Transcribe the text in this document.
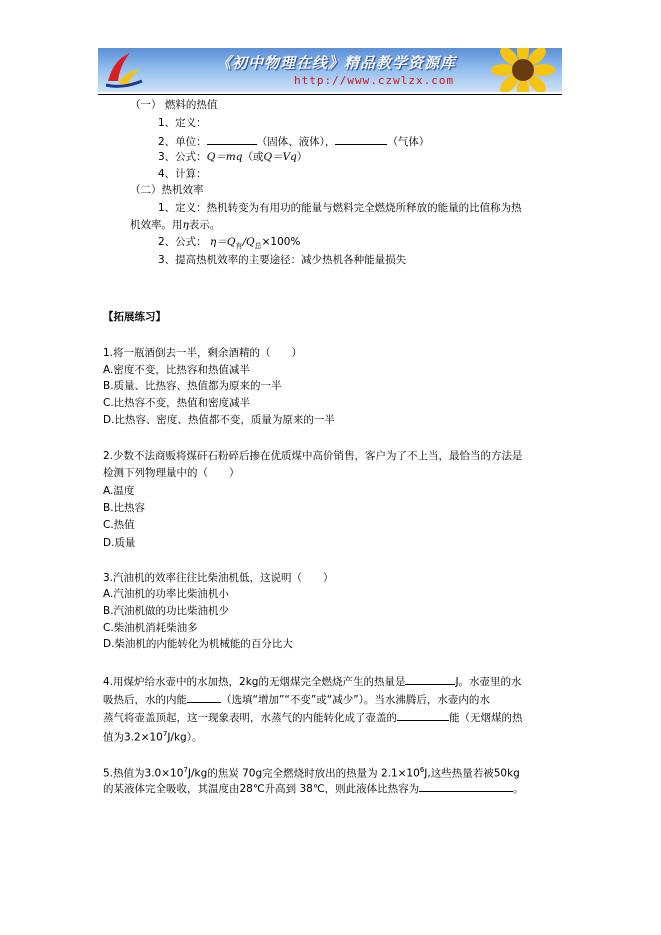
《初中物理在线》精品教学资源库
http://www.czwlzx.com
（一） 燃料的热值
1、定义：
2、单位：	（固体、液体），	（气体）
3、公式：Q＝mq（或Q＝Vq）
4、计算：
（二）热机效率
1、定义：热机转变为有用功的能量与燃料完全燃烧所释放的能量的比值称为热
机效率。用η表示。
2、公式： $\eta=Q_有/Q_总\times 100\%$
3、提高热机效率的主要途径：减少热机各种能量损失
【拓展练习】
1.将一瓶酒倒去一半，剩余酒精的（　　）
A.密度不变，比热容和热值减半
B.质量、比热容、热值都为原来的一半
C.比热容不变，热值和密度减半
D.比热容、密度、热值都不变，质量为原来的一半
2.少数不法商贩将煤矸石粉碎后掺在优质煤中高价销售，客户为了不上当，最恰当的方法是
检测下列物理量中的（　　）
A.温度
B.比热容
C.热值
D.质量
3.汽油机的效率往往比柴油机低，这说明（　　）
A.汽油机的功率比柴油机小
B.汽油机做的功比柴油机少
C.柴油机消耗柴油多
D.柴油机的内能转化为机械能的百分比大
4.用煤炉给水壶中的水加热，2kg的无烟煤完全燃烧产生的热量是	J。水壶里的水
吸热后，水的内能	（选填“增加”“不变”或“减少”）。当水沸腾后，水壶内的水
蒸气将壶盖顶起，这一现象表明，水蒸气的内能转化成了壶盖的	能（无烟煤的热
值为$3.2\times 10^7J/kg$）。
5.热值为$3.0\times 10^7J/kg$的焦炭 70g完全燃烧时放出的热量为 $2.1\times 10^6J$,这些热量若被50kg
的某液体完全吸收，其温度由28℃升高到 38℃，则此液体比热容为	。
